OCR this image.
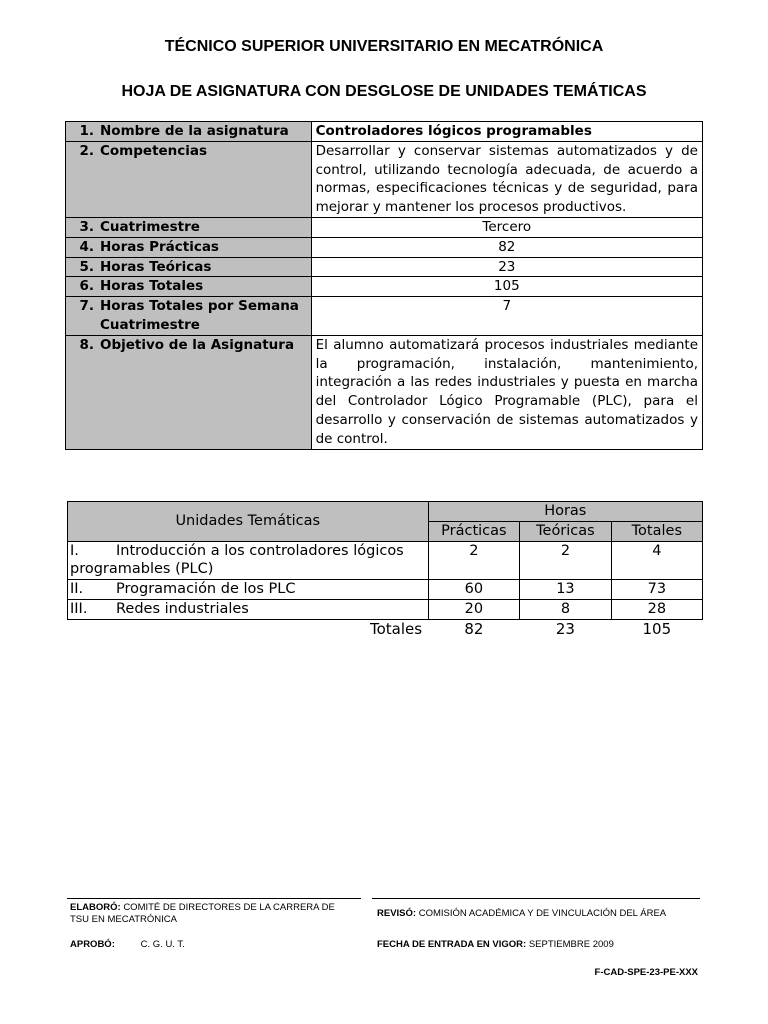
TÉCNICO SUPERIOR UNIVERSITARIO EN MECATRÓNICA
HOJA DE ASIGNATURA CON DESGLOSE DE UNIDADES TEMÁTICAS
1. Nombre de la asignatura	Controladores lógicos programables
2. Competencias	Desarrollar y conservar sistemas automatizados y de control, utilizando tecnología adecuada, de acuerdo a normas, especificaciones técnicas y de seguridad, para mejorar y mantener los procesos productivos.
3. Cuatrimestre	Tercero
4. Horas Prácticas	82
5. Horas Teóricas	23
6. Horas Totales	105
7. Horas Totales por Semana
Cuatrimestre	7
8. Objetivo de la Asignatura	El alumno automatizará procesos industriales mediante la programación, instalación, mantenimiento, integración a las redes industriales y puesta en marcha del Controlador Lógico Programable (PLC), para el desarrollo y conservación de sistemas automatizados y de control.
Unidades Temáticas	Horas		
	Prácticas	Teóricas	Totales
I. Introducción a los controladores lógicos
programables (PLC)	2	2	4
II. Programación de los PLC	60	13	73
III. Redes industriales	20	8	28
Totales	82	23	105
ELABORÓ: COMITÉ DE DIRECTORES DE LA CARRERA DE
TSU EN MECATRÓNICA
REVISÓ: COMISIÓN ACADÉMICA Y DE VINCULACIÓN DEL ÁREA
APROBÓ:	C. G. U. T.	FECHA DE ENTRADA EN VIGOR: SEPTIEMBRE 2009
F-CAD-SPE-23-PE-XXX
